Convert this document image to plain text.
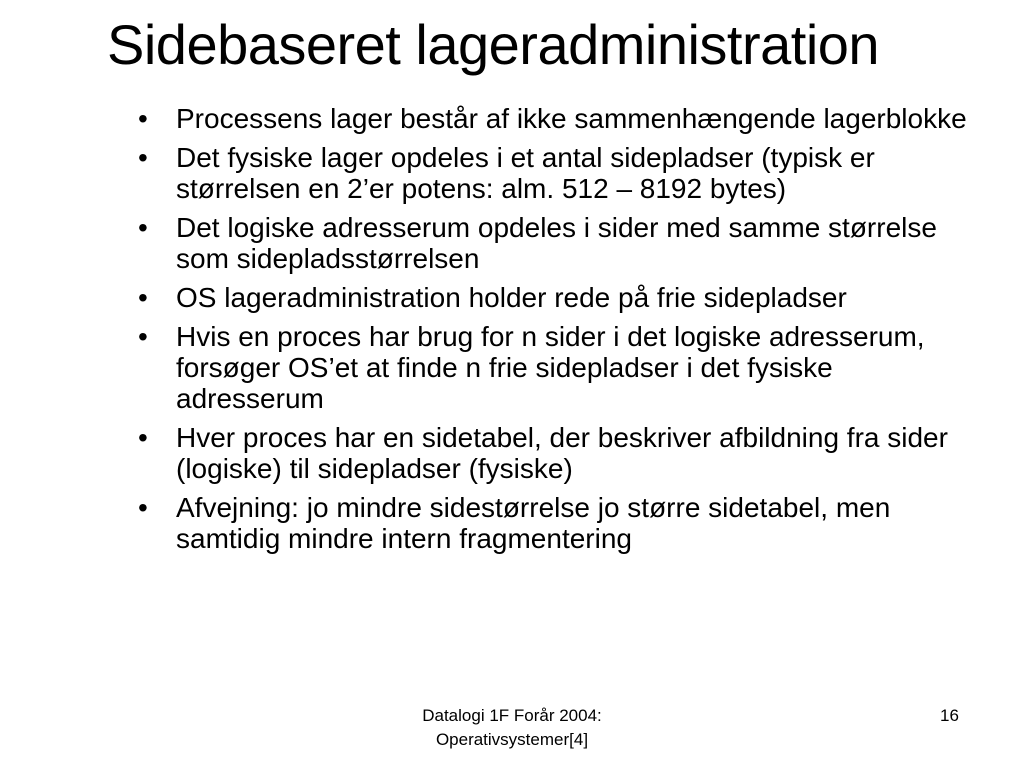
Sidebaseret lageradministration
• Processens lager består af ikke sammenhængende lagerblokke
• Det fysiske lager opdeles i et antal sidepladser (typisk er størrelsen en 2’er potens: alm. 512 – 8192 bytes)
• Det logiske adresserum opdeles i sider med samme størrelse som sidepladsstørrelsen
• OS lageradministration holder rede på frie sidepladser
• Hvis en proces har brug for n sider i det logiske adresserum, forsøger OS’et at finde n frie sidepladser i det fysiske adresserum
• Hver proces har en sidetabel, der beskriver afbildning fra sider (logiske) til sidepladser (fysiske)
• Afvejning: jo mindre sidestørrelse jo større sidetabel, men samtidig mindre intern fragmentering
Datalogi 1F Forår 2004:
Operativsystemer[4]
16
